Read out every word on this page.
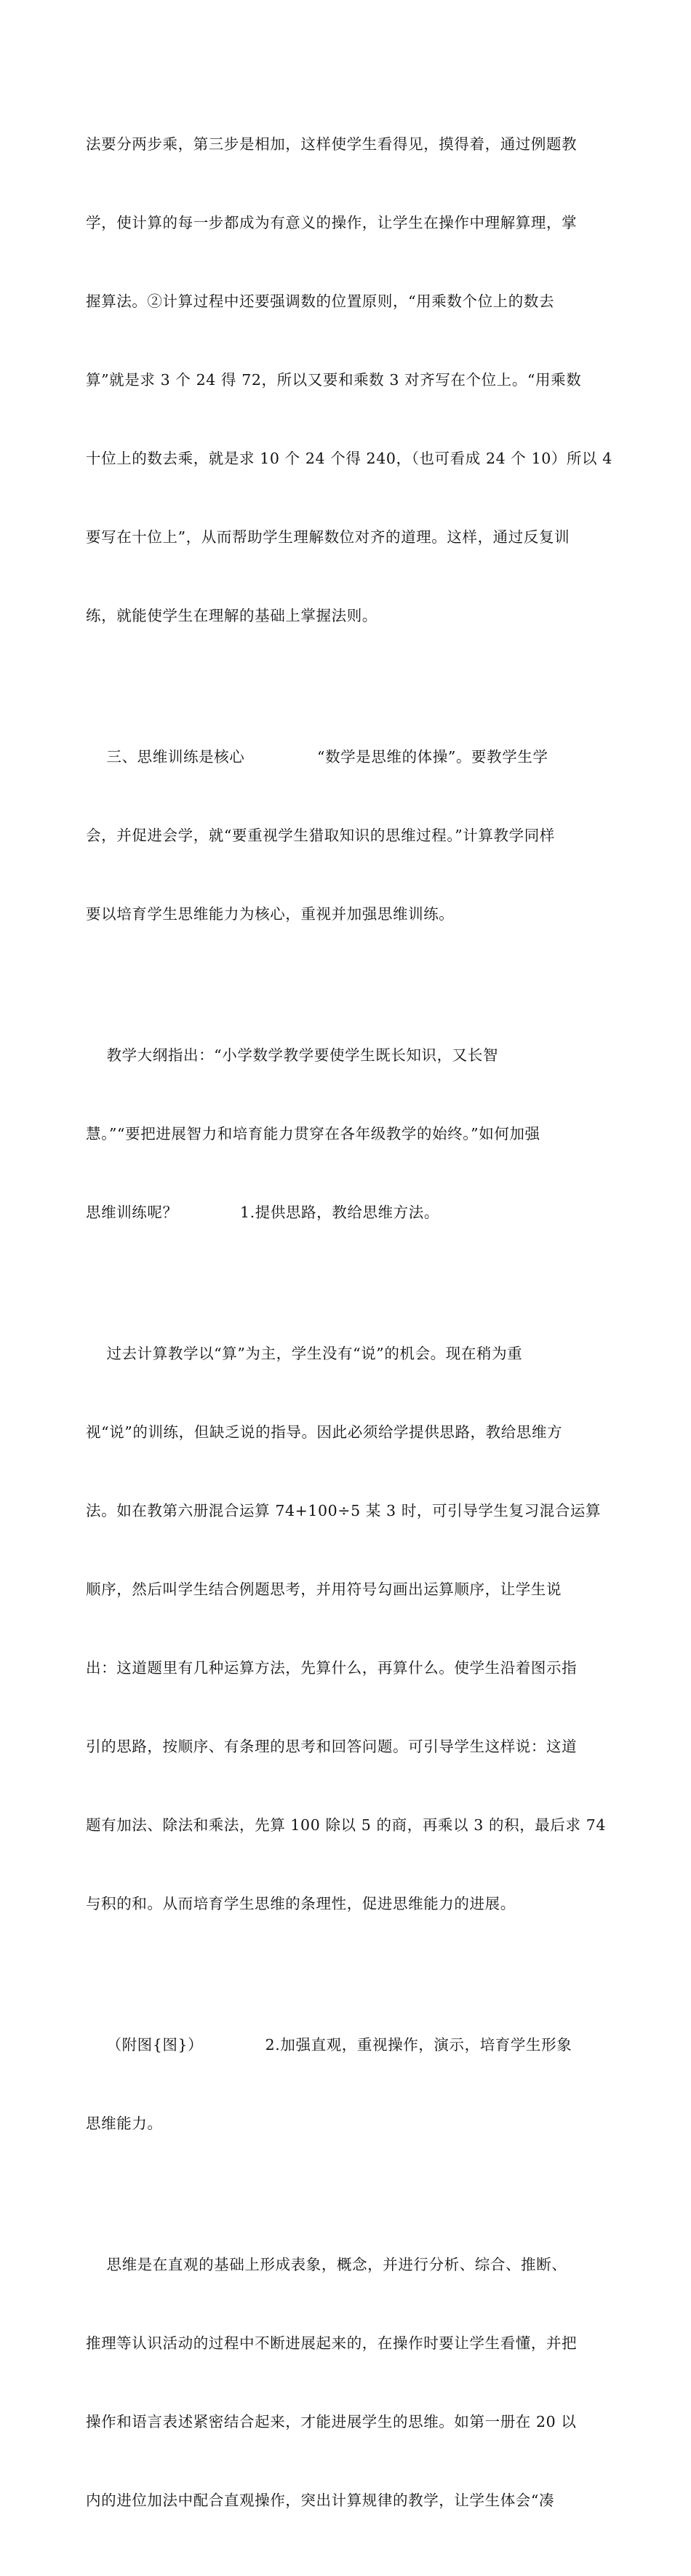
法要分两步乘，第三步是相加，这样使学生看得见，摸得着，通过例题教

学，使计算的每一步都成为有意义的操作，让学生在操作中理解算理，掌

握算法。②计算过程中还要强调数的位置原则，“用乘数个位上的数去

算”就是求 3 个 24 得 72，所以又要和乘数 3 对齐写在个位上。“用乘数

十位上的数去乘，就是求 10 个 24 个得 240，（也可看成 24 个 10）所以 4

要写在十位上”，从而帮助学生理解数位对齐的道理。这样，通过反复训

练，就能使学生在理解的基础上掌握法则。

三、思维训练是核心              “数学是思维的体操”。要教学生学

会，并促进会学，就“要重视学生猎取知识的思维过程。”计算教学同样

要以培育学生思维能力为核心，重视并加强思维训练。

教学大纲指出：“小学数学教学要使学生既长知识，又长智

慧。”“要把进展智力和培育能力贯穿在各年级教学的始终。”如何加强

思维训练呢？            1.提供思路，教给思维方法。

过去计算教学以“算”为主，学生没有“说”的机会。现在稍为重

视“说”的训练，但缺乏说的指导。因此必须给学提供思路，教给思维方

法。如在教第六册混合运算 74+100÷5 某 3 时，可引导学生复习混合运算

顺序，然后叫学生结合例题思考，并用符号勾画出运算顺序，让学生说

出：这道题里有几种运算方法，先算什么，再算什么。使学生沿着图示指

引的思路，按顺序、有条理的思考和回答问题。可引导学生这样说：这道

题有加法、除法和乘法，先算 100 除以 5 的商，再乘以 3 的积，最后求 74

与积的和。从而培育学生思维的条理性，促进思维能力的进展。

（附图{图}）            2.加强直观，重视操作，演示，培育学生形象

思维能力。

思维是在直观的基础上形成表象，概念，并进行分析、综合、推断、

推理等认识活动的过程中不断进展起来的，在操作时要让学生看懂，并把

操作和语言表述紧密结合起来，才能进展学生的思维。如第一册在 20 以

内的进位加法中配合直观操作，突出计算规律的教学，让学生体会“凑
